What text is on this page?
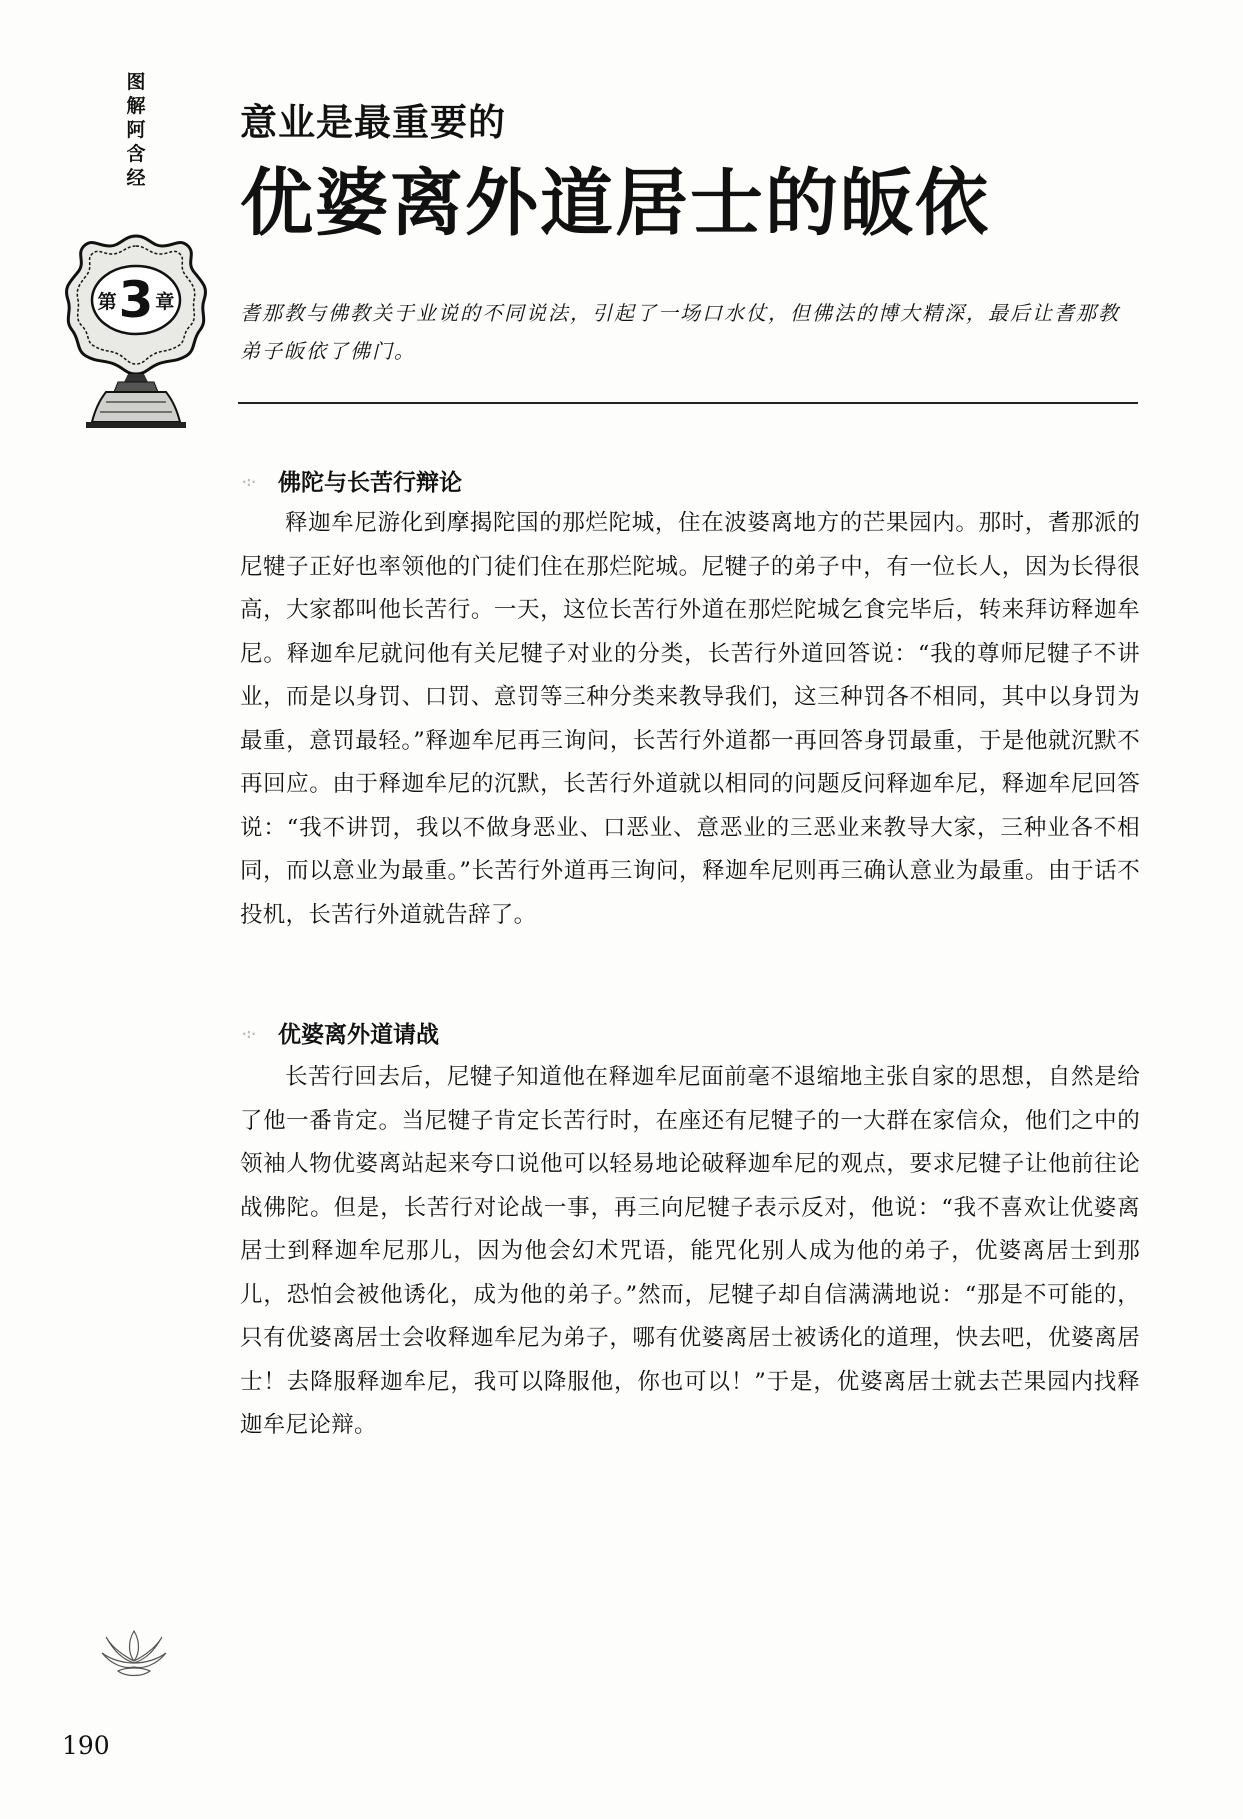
图
解
阿
含
经
第 3 章
意业是最重要的
优婆离外道居士的皈依
耆那教与佛教关于业说的不同说法，引起了一场口水仗，但佛法的博大精深，最后让耆那教弟子皈依了佛门。
·:· 佛陀与长苦行辩论

释迦牟尼游化到摩揭陀国的那烂陀城，住在波婆离地方的芒果园内。那时，耆那派的尼犍子正好也率领他的门徒们住在那烂陀城。尼犍子的弟子中，有一位长人，因为长得很高，大家都叫他长苦行。一天，这位长苦行外道在那烂陀城乞食完毕后，转来拜访释迦牟尼。释迦牟尼就问他有关尼犍子对业的分类，长苦行外道回答说：“我的尊师尼犍子不讲业，而是以身罚、口罚、意罚等三种分类来教导我们，这三种罚各不相同，其中以身罚为最重，意罚最轻。”释迦牟尼再三询问，长苦行外道都一再回答身罚最重，于是他就沉默不再回应。由于释迦牟尼的沉默，长苦行外道就以相同的问题反问释迦牟尼，释迦牟尼回答说：“我不讲罚，我以不做身恶业、口恶业、意恶业的三恶业来教导大家，三种业各不相同，而以意业为最重。”长苦行外道再三询问，释迦牟尼则再三确认意业为最重。由于话不投机，长苦行外道就告辞了。

·:· 优婆离外道请战

长苦行回去后，尼犍子知道他在释迦牟尼面前毫不退缩地主张自家的思想，自然是给了他一番肯定。当尼犍子肯定长苦行时，在座还有尼犍子的一大群在家信众，他们之中的领袖人物优婆离站起来夸口说他可以轻易地论破释迦牟尼的观点，要求尼犍子让他前往论战佛陀。但是，长苦行对论战一事，再三向尼犍子表示反对，他说：“我不喜欢让优婆离居士到释迦牟尼那儿，因为他会幻术咒语，能咒化别人成为他的弟子，优婆离居士到那儿，恐怕会被他诱化，成为他的弟子。”然而，尼犍子却自信满满地说：“那是不可能的，只有优婆离居士会收释迦牟尼为弟子，哪有优婆离居士被诱化的道理，快去吧，优婆离居士！去降服释迦牟尼，我可以降服他，你也可以！”于是，优婆离居士就去芒果园内找释迦牟尼论辩。

190
